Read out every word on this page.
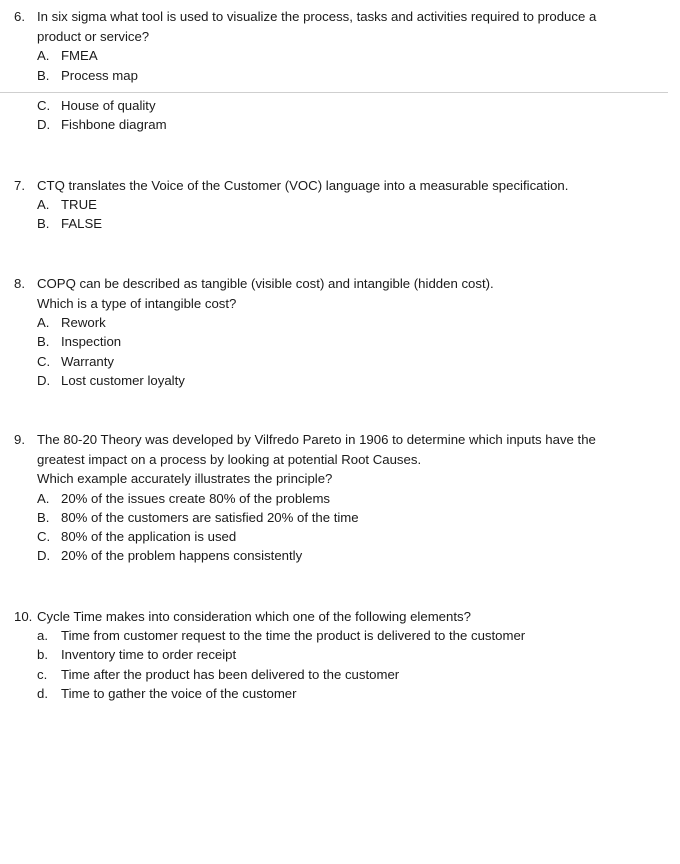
6. In six sigma what tool is used to visualize the process, tasks and activities required to produce a
product or service?
A. FMEA
B. Process map
C. House of quality
D. Fishbone diagram
7. CTQ translates the Voice of the Customer (VOC) language into a measurable specification.
A. TRUE
B. FALSE
8. COPQ can be described as tangible (visible cost) and intangible (hidden cost).
Which is a type of intangible cost?
A. Rework
B. Inspection
C. Warranty
D. Lost customer loyalty
9. The 80-20 Theory was developed by Vilfredo Pareto in 1906 to determine which inputs have the
greatest impact on a process by looking at potential Root Causes.
Which example accurately illustrates the principle?
A. 20% of the issues create 80% of the problems
B. 80% of the customers are satisfied 20% of the time
C. 80% of the application is used
D. 20% of the problem happens consistently
10. Cycle Time makes into consideration which one of the following elements?
a. Time from customer request to the time the product is delivered to the customer
b. Inventory time to order receipt
c. Time after the product has been delivered to the customer
d. Time to gather the voice of the customer
